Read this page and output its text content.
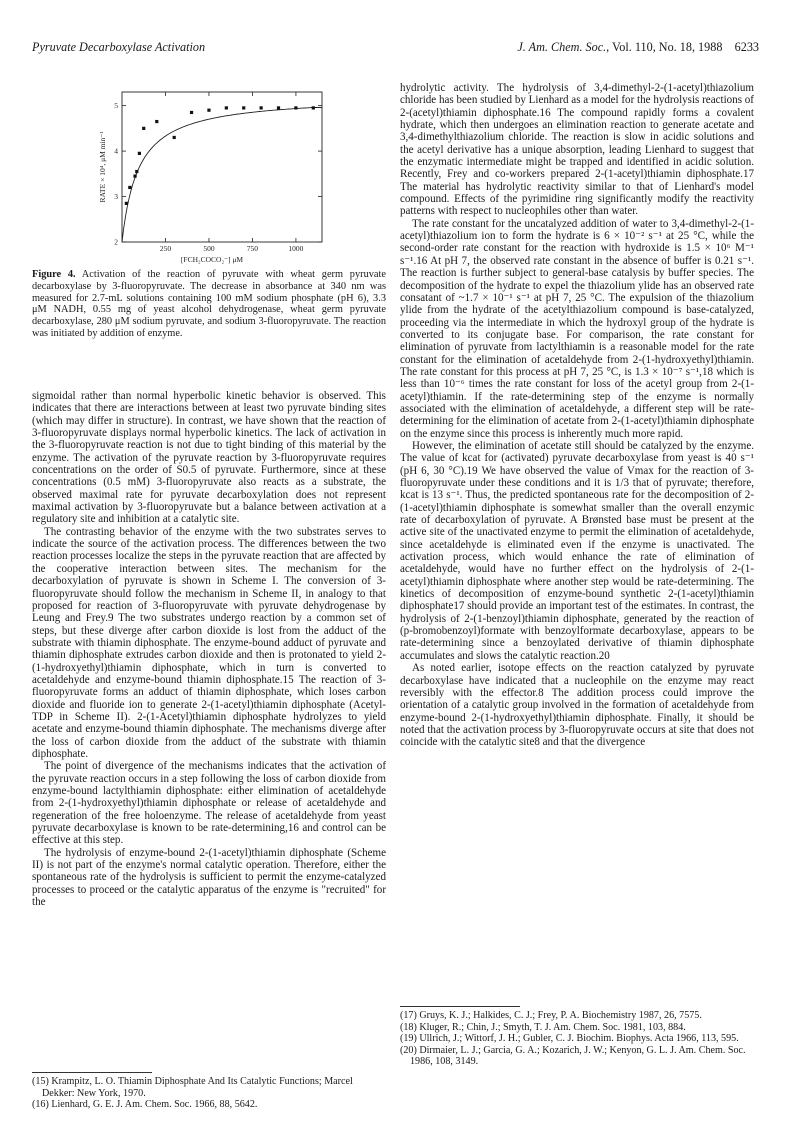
Pyruvate Decarboxylase Activation	J. Am. Chem. Soc., Vol. 110, No. 18, 1988 6233
250	500	750	1000
2
3
4
5
[FCH₂COCO₂⁻] μM
RATE × 10⁴, μM min⁻¹
Figure 4. Activation of the reaction of pyruvate with wheat germ pyruvate decarboxylase by 3-fluoropyruvate. The decrease in absorbance at 340 nm was measured for 2.7-mL solutions containing 100 mM sodium phosphate (pH 6), 3.3 μM NADH, 0.55 mg of yeast alcohol dehydrogenase, wheat germ pyruvate decarboxylase, 280 μM sodium pyruvate, and sodium 3-fluoropyruvate. The reaction was initiated by addition of enzyme.

sigmoidal rather than normal hyperbolic kinetic behavior is observed. This indicates that there are interactions between at least two pyruvate binding sites (which may differ in structure). In contrast, we have shown that the reaction of 3-fluoropyruvate displays normal hyperbolic kinetics. The lack of activation in the 3-fluoropyruvate reaction is not due to tight binding of this material by the enzyme. The activation of the pyruvate reaction by 3-fluoropyruvate requires concentrations on the order of S0.5 of pyruvate. Furthermore, since at these concentrations (0.5 mM) 3-fluoropyruvate also reacts as a substrate, the observed maximal rate for pyruvate decarboxylation does not represent maximal activation by 3-fluoropyruvate but a balance between activation at a regulatory site and inhibition at a catalytic site.

The contrasting behavior of the enzyme with the two substrates serves to indicate the source of the activation process. The differences between the two reaction processes localize the steps in the pyruvate reaction that are affected by the cooperative interaction between sites. The mechanism for the decarboxylation of pyruvate is shown in Scheme I. The conversion of 3-fluoropyruvate should follow the mechanism in Scheme II, in analogy to that proposed for reaction of 3-fluoropyruvate with pyruvate dehydrogenase by Leung and Frey.9 The two substrates undergo reaction by a common set of steps, but these diverge after carbon dioxide is lost from the adduct of the substrate with thiamin diphosphate. The enzyme-bound adduct of pyruvate and thiamin diphosphate extrudes carbon dioxide and then is protonated to yield 2-(1-hydroxyethyl)thiamin diphosphate, which in turn is converted to acetaldehyde and enzyme-bound thiamin diphosphate.15 The reaction of 3-fluoropyruvate forms an adduct of thiamin diphosphate, which loses carbon dioxide and fluoride ion to generate 2-(1-acetyl)thiamin diphosphate (Acetyl-TDP in Scheme II). 2-(1-Acetyl)thiamin diphosphate hydrolyzes to yield acetate and enzyme-bound thiamin diphosphate. The mechanisms diverge after the loss of carbon dioxide from the adduct of the substrate with thiamin diphosphate.

The point of divergence of the mechanisms indicates that the activation of the pyruvate reaction occurs in a step following the loss of carbon dioxide from enzyme-bound lactylthiamin diphosphate: either elimination of acetaldehyde from 2-(1-hydroxyethyl)thiamin diphosphate or release of acetaldehyde and regeneration of the free holoenzyme. The release of acetaldehyde from yeast pyruvate decarboxylase is known to be rate-determining,16 and control can be effective at this step.

The hydrolysis of enzyme-bound 2-(1-acetyl)thiamin diphosphate (Scheme II) is not part of the enzyme's normal catalytic operation. Therefore, either the spontaneous rate of the hydrolysis is sufficient to permit the enzyme-catalyzed processes to proceed or the catalytic apparatus of the enzyme is "recruited" for the

(15) Krampitz, L. O. Thiamin Diphosphate And Its Catalytic Functions; Marcel Dekker: New York, 1970.

(16) Lienhard, G. E. J. Am. Chem. Soc. 1966, 88, 5642.

hydrolytic activity. The hydrolysis of 3,4-dimethyl-2-(1-acetyl)thiazolium chloride has been studied by Lienhard as a model for the hydrolysis reactions of 2-(acetyl)thiamin diphosphate.16 The compound rapidly forms a covalent hydrate, which then undergoes an elimination reaction to generate acetate and 3,4-dimethylthiazolium chloride. The reaction is slow in acidic solutions and the acetyl derivative has a unique absorption, leading Lienhard to suggest that the enzymatic intermediate might be trapped and identified in acidic solution. Recently, Frey and co-workers prepared 2-(1-acetyl)thiamin diphosphate.17 The material has hydrolytic reactivity similar to that of Lienhard's model compound. Effects of the pyrimidine ring significantly modify the reactivity patterns with respect to nucleophiles other than water.

The rate constant for the uncatalyzed addition of water to 3,4-dimethyl-2-(1-acetyl)thiazolium ion to form the hydrate is 6 × 10⁻² s⁻¹ at 25 °C, while the second-order rate constant for the reaction with hydroxide is 1.5 × 10⁶ M⁻¹ s⁻¹.16 At pH 7, the observed rate constant in the absence of buffer is 0.21 s⁻¹. The reaction is further subject to general-base catalysis by buffer species. The decomposition of the hydrate to expel the thiazolium ylide has an observed rate consatant of ~1.7 × 10⁻¹ s⁻¹ at pH 7, 25 °C. The expulsion of the thiazolium ylide from the hydrate of the acetylthiazolium compound is base-catalyzed, proceeding via the intermediate in which the hydroxyl group of the hydrate is converted to its conjugate base. For comparison, the rate constant for elimination of pyruvate from lactylthiamin is a reasonable model for the rate constant for the elimination of acetaldehyde from 2-(1-hydroxyethyl)thiamin. The rate constant for this process at pH 7, 25 °C, is 1.3 × 10⁻⁷ s⁻¹,18 which is less than 10⁻⁶ times the rate constant for loss of the acetyl group from 2-(1-acetyl)thiamin. If the rate-determining step of the enzyme is normally associated with the elimination of acetaldehyde, a different step will be rate-determining for the elimination of acetate from 2-(1-acetyl)thiamin diphosphate on the enzyme since this process is inherently much more rapid.

However, the elimination of acetate still should be catalyzed by the enzyme. The value of kcat for (activated) pyruvate decarboxylase from yeast is 40 s⁻¹ (pH 6, 30 °C).19 We have observed the value of Vmax for the reaction of 3-fluoropyruvate under these conditions and it is 1/3 that of pyruvate; therefore, kcat is 13 s⁻¹. Thus, the predicted spontaneous rate for the decomposition of 2-(1-acetyl)thiamin diphosphate is somewhat smaller than the overall enzymic rate of decarboxylation of pyruvate. A Brønsted base must be present at the active site of the unactivated enzyme to permit the elimination of acetaldehyde, since acetaldehyde is eliminated even if the enzyme is unactivated. The activation process, which would enhance the rate of elimination of acetaldehyde, would have no further effect on the hydrolysis of 2-(1-acetyl)thiamin diphosphate where another step would be rate-determining. The kinetics of decomposition of enzyme-bound synthetic 2-(1-acetyl)thiamin diphosphate17 should provide an important test of the estimates. In contrast, the hydrolysis of 2-(1-benzoyl)thiamin diphosphate, generated by the reaction of (p-bromobenzoyl)formate with benzoylformate decarboxylase, appears to be rate-determining since a benzoylated derivative of thiamin diphosphate accumulates and slows the catalytic reaction.20

As noted earlier, isotope effects on the reaction catalyzed by pyruvate decarboxylase have indicated that a nucleophile on the enzyme may react reversibly with the effector.8 The addition process could improve the orientation of a catalytic group involved in the formation of acetaldehyde from enzyme-bound 2-(1-hydroxyethyl)thiamin diphosphate. Finally, it should be noted that the activation process by 3-fluoropyruvate occurs at site that does not coincide with the catalytic site8 and that the divergence

(17) Gruys, K. J.; Halkides, C. J.; Frey, P. A. Biochemistry 1987, 26, 7575.

(18) Kluger, R.; Chin, J.; Smyth, T. J. Am. Chem. Soc. 1981, 103, 884.

(19) Ullrich, J.; Wittorf, J. H.; Gubler, C. J. Biochim. Biophys. Acta 1966, 113, 595.

(20) Dirmaier, L. J.; Garcia, G. A.; Kozarich, J. W.; Kenyon, G. L. J. Am. Chem. Soc. 1986, 108, 3149.
